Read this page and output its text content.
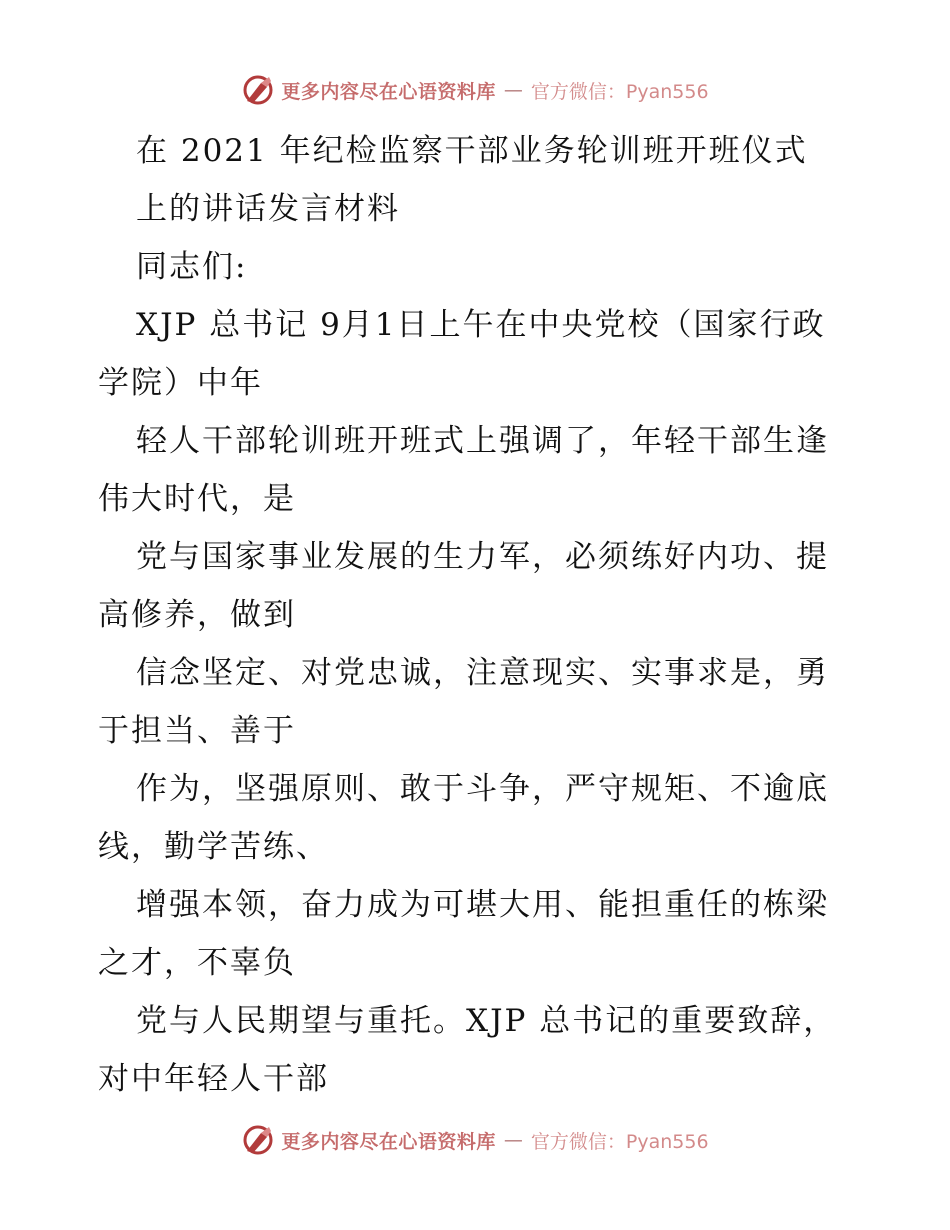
更多内容尽在心语资料库 — 官方微信：Pyan556
在 2021 年纪检监察干部业务轮训班开班仪式
上的讲话发言材料
同志们:
XJP 总书记 9月1日上午在中央党校（国家行政
学院）中年
轻人干部轮训班开班式上强调了，年轻干部生逢
伟大时代，是
党与国家事业发展的生力军，必须练好内功、提
高修养，做到
信念坚定、对党忠诚，注意现实、实事求是，勇
于担当、善于
作为，坚强原则、敢于斗争，严守规矩、不逾底
线，勤学苦练、
增强本领，奋力成为可堪大用、能担重任的栋梁
之才，不辜负
党与人民期望与重托。XJP 总书记的重要致辞，
对中年轻人干部
更多内容尽在心语资料库 — 官方微信：Pyan556
